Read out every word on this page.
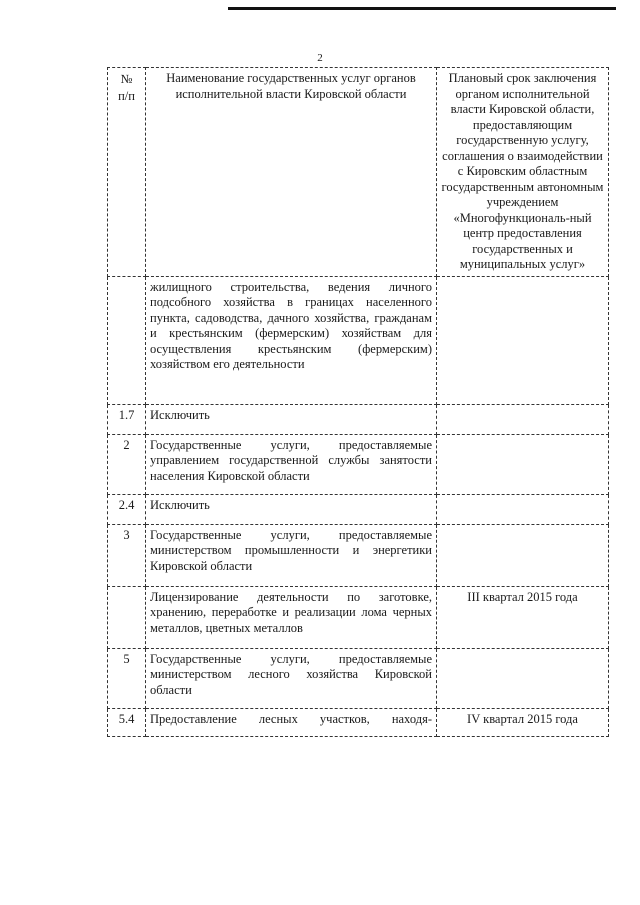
2
№
п/п	Наименование государственных услуг органов исполнительной власти Кировской области	Плановый срок заключения органом исполнительной власти Кировской области, предоставляющим государственную услугу, соглашения о взаимодействии с Кировским областным государственным автономным учреждением «Многофункциональ-ный центр предоставления государственных и муниципальных услуг»
	жилищного строительства, ведения личного подсобного хозяйства в границах населенного пункта, садоводства, дачного хозяйства, гражданам и крестьянским (фермерским) хозяйствам для осуществления крестьянским (фермерским) хозяйством его деятельности	
1.7	Исключить	
2	Государственные услуги, предоставляемые управлением государственной службы занятости населения Кировской области	
2.4	Исключить	
3	Государственные услуги, предоставляемые министерством промышленности и энергетики Кировской области	
	Лицензирование деятельности по заготовке, хранению, переработке и реализации лома черных металлов, цветных металлов	III квартал 2015 года
5	Государственные услуги, предоставляемые министерством лесного хозяйства Кировской области	
5.4	Предоставление лесных участков, находя-	IV квартал 2015 года
